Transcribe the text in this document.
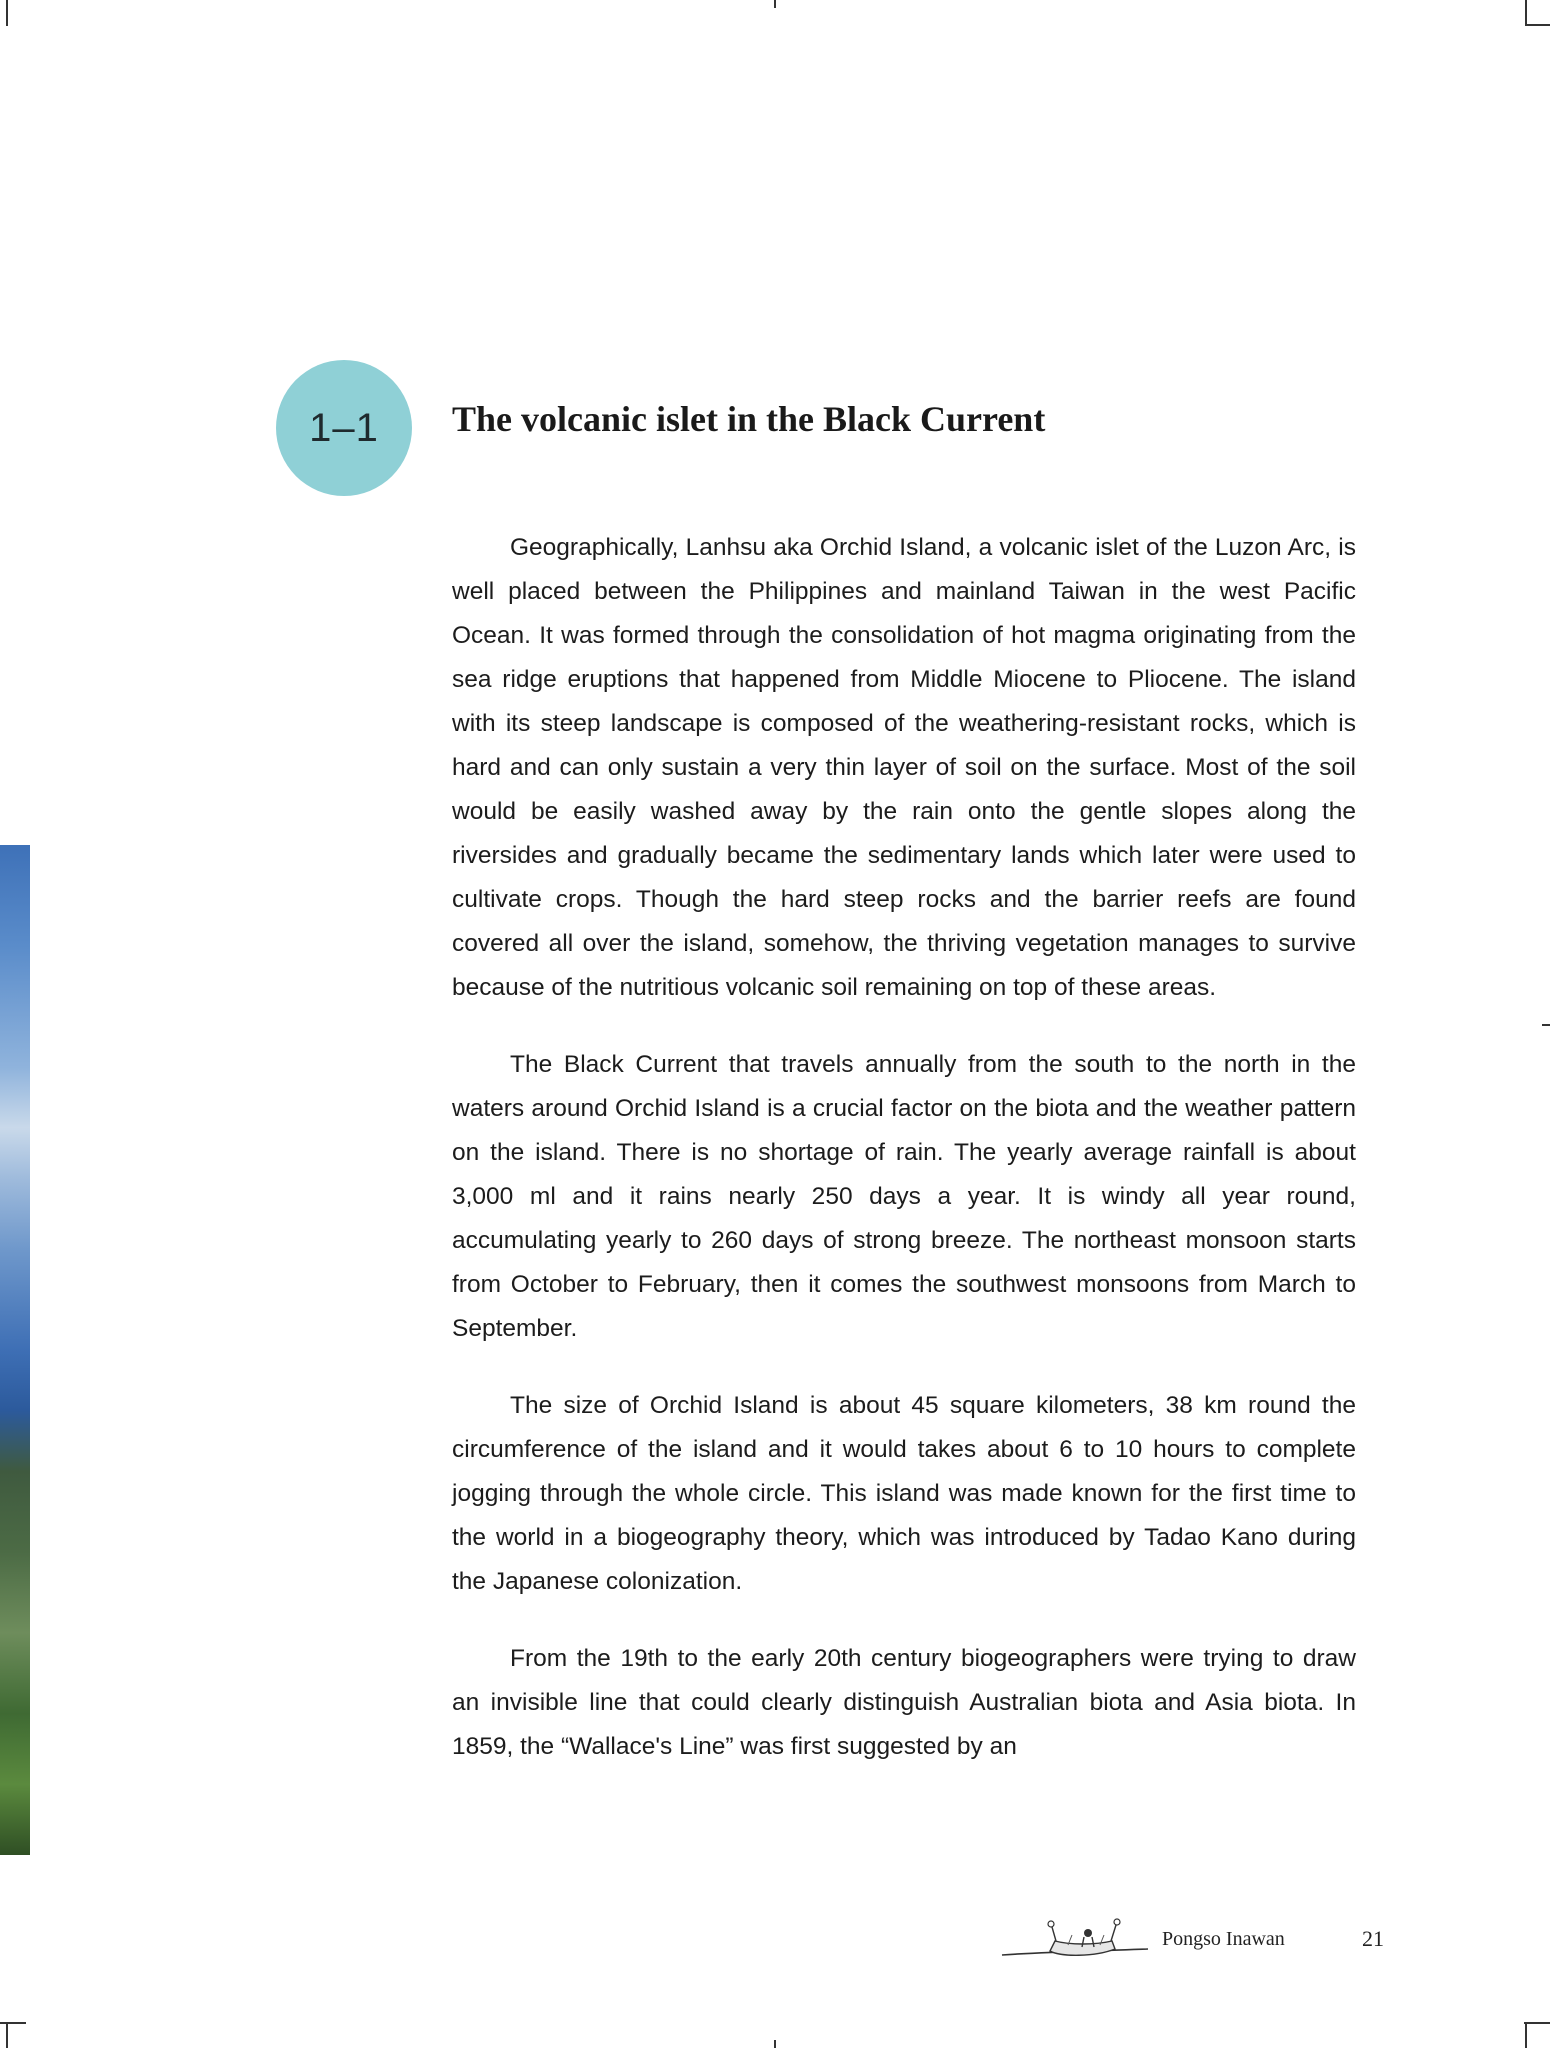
1–1 The volcanic islet in the Black Current

Geographically, Lanhsu aka Orchid Island, a volcanic islet of the Luzon Arc, is well placed between the Philippines and mainland Taiwan in the west Pacific Ocean. It was formed through the consolidation of hot magma originating from the sea ridge eruptions that happened from Middle Miocene to Pliocene. The island with its steep landscape is composed of the weathering-resistant rocks, which is hard and can only sustain a very thin layer of soil on the surface. Most of the soil would be easily washed away by the rain onto the gentle slopes along the riversides and gradually became the sedimentary lands which later were used to cultivate crops. Though the hard steep rocks and the barrier reefs are found covered all over the island, somehow, the thriving vegetation manages to survive because of the nutritious volcanic soil remaining on top of these areas.

The Black Current that travels annually from the south to the north in the waters around Orchid Island is a crucial factor on the biota and the weather pattern on the island. There is no shortage of rain. The yearly average rainfall is about 3,000 ml and it rains nearly 250 days a year. It is windy all year round, accumulating yearly to 260 days of strong breeze. The northeast monsoon starts from October to February, then it comes the southwest monsoons from March to September.

The size of Orchid Island is about 45 square kilometers, 38 km round the circumference of the island and it would takes about 6 to 10 hours to complete jogging through the whole circle. This island was made known for the first time to the world in a biogeography theory, which was introduced by Tadao Kano during the Japanese colonization.

From the 19th to the early 20th century biogeographers were trying to draw an invisible line that could clearly distinguish Australian biota and Asia biota. In 1859, the “Wallace's Line” was first suggested by an

Pongso Inawan	21
